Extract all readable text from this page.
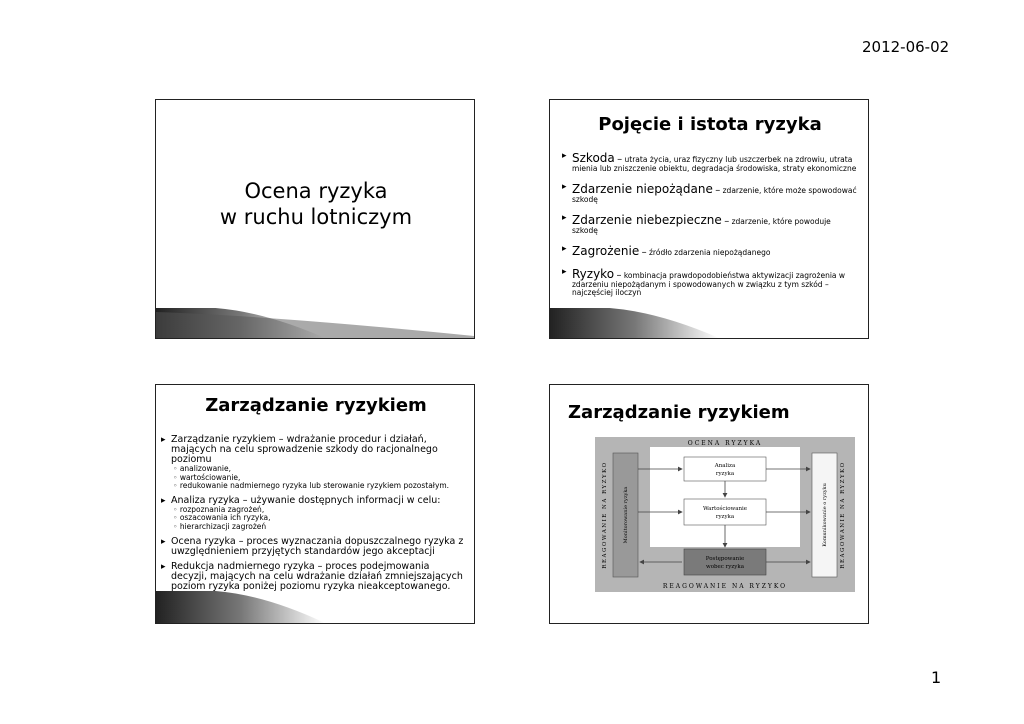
2012-06-02
Ocena ryzyka
w ruchu lotniczym
Pojęcie i istota ryzyka
▸ Szkoda – utrata życia, uraz fizyczny lub uszczerbek na zdrowiu, utrata mienia lub zniszczenie obiektu, degradacja środowiska, straty ekonomiczne
▸ Zdarzenie niepożądane – zdarzenie, które może spowodować szkodę
▸ Zdarzenie niebezpieczne – zdarzenie, które powoduje szkodę
▸ Zagrożenie – źródło zdarzenia niepożądanego
▸ Ryzyko – kombinacja prawdopodobieństwa aktywizacji zagrożenia w zdarzeniu niepożądanym i spowodowanych w związku z tym szkód – najczęściej iloczyn
Zarządzanie ryzykiem
▸ Zarządzanie ryzykiem – wdrażanie procedur i działań, mających na celu sprowadzenie szkody do racjonalnego poziomu
◦ analizowanie,
◦ wartościowanie,
◦ redukowanie nadmiernego ryzyka lub sterowanie ryzykiem pozostałym.
▸ Analiza ryzyka – używanie dostępnych informacji w celu:
◦ rozpoznania zagrożeń,
◦ oszacowania ich ryzyka,
◦ hierarchizacji zagrożeń
▸ Ocena ryzyka – proces wyznaczania dopuszczalnego ryzyka z uwzględnieniem przyjętych standardów jego akceptacji
▸ Redukcja nadmiernego ryzyka – proces podejmowania decyzji, mających na celu wdrażanie działań zmniejszających poziom ryzyka poniżej poziomu ryzyka nieakceptowanego.
Zarządzanie ryzykiem
OCENA RYZYKA
REAGOWANIE NA RYZYKO
REAGOWANIE NA RYZYKO	REAGOWANIE NA RYZYKO
Monitorowanie ryzyka	Komunikowanie o ryzyku
Analiza
ryzyka
Wartościowanie
ryzyka
Postępowanie
wobec ryzyka
1
